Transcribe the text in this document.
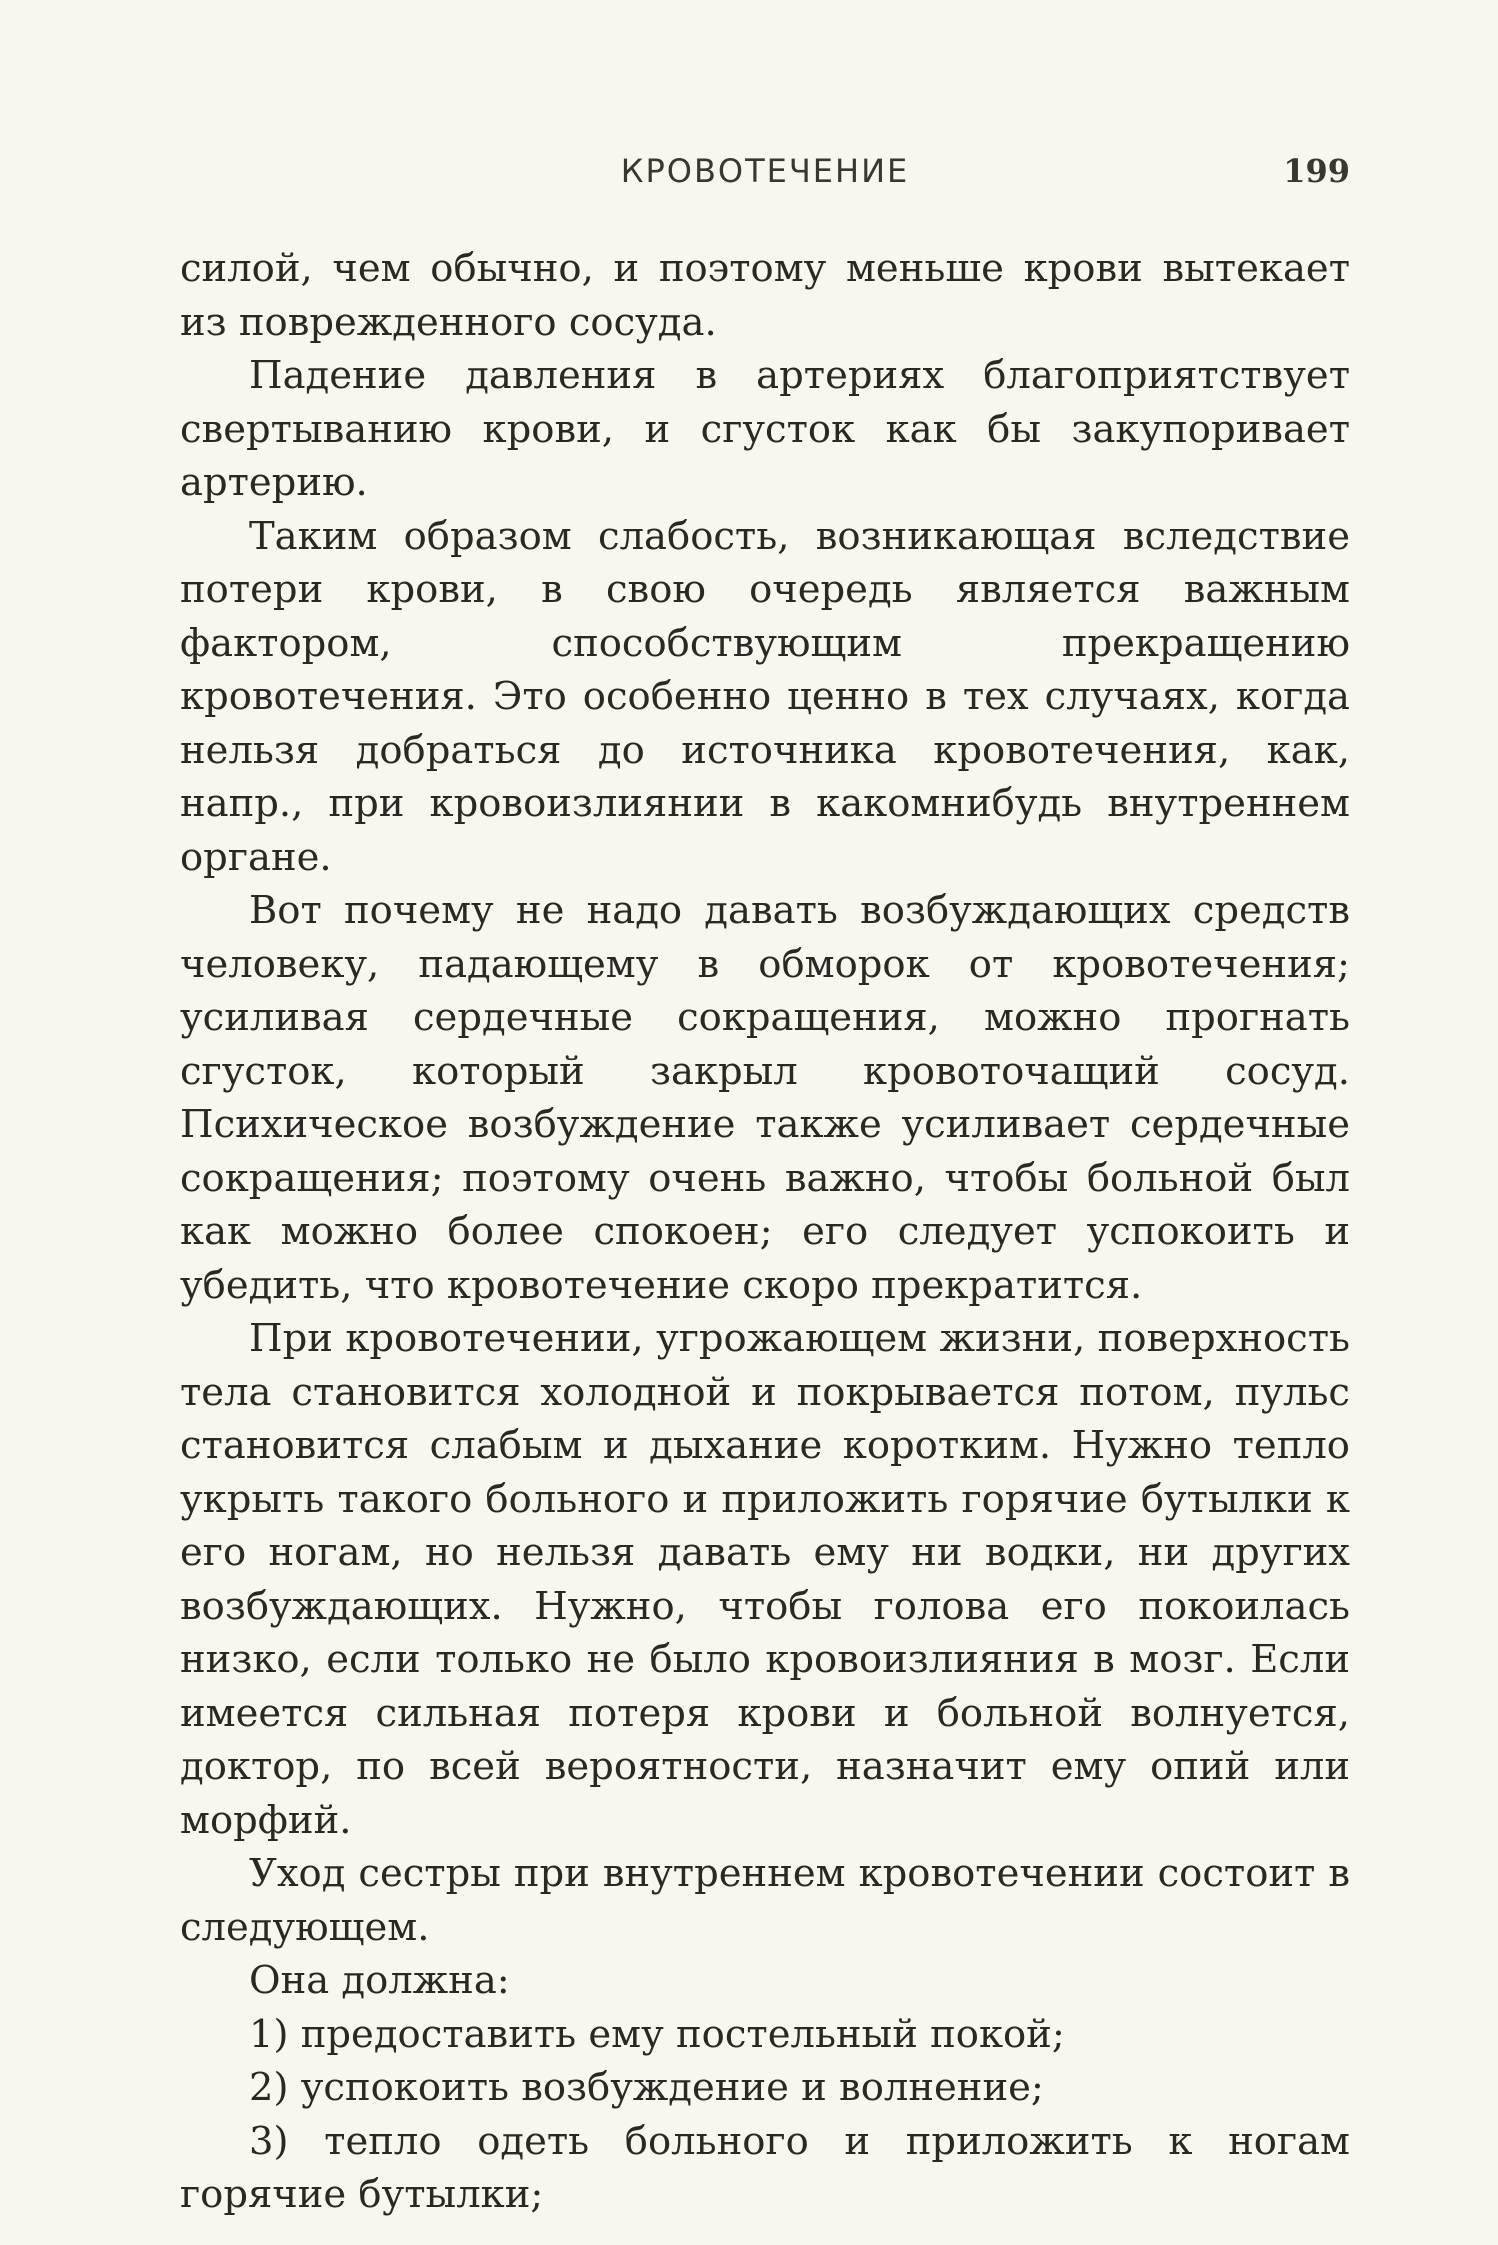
КРОВОТЕЧЕНИЕ	199

силой, чем обычно, и поэтому меньше крови вытекает из поврежденного сосуда.

Падение давления в артериях благоприятствует свертыванию крови, и сгусток как бы закупоривает артерию.

Таким образом слабость, возникающая вследствие потери крови, в свою очередь является важным фактором, способствующим прекращению кровотечения. Это особенно ценно в тех случаях, когда нельзя добраться до источника кровотечения, как, напр., при кровоизлиянии в какомнибудь внутреннем органе.

Вот почему не надо давать возбуждающих средств человеку, падающему в обморок от кровотечения; усиливая сердечные сокращения, можно прогнать сгусток, который закрыл кровоточащий сосуд. Психическое возбуждение также усиливает сердечные сокращения; поэтому очень важно, чтобы больной был как можно более спокоен; его следует успокоить и убедить, что кровотечение скоро прекратится.

При кровотечении, угрожающем жизни, поверхность тела становится холодной и покрывается потом, пульс становится слабым и дыхание коротким. Нужно тепло укрыть такого больного и приложить горячие бутылки к его ногам, но нельзя давать ему ни водки, ни других возбуждающих. Нужно, чтобы голова его покоилась низко, если только не было кровоизлияния в мозг. Если имеется сильная потеря крови и больной волнуется, доктор, по всей вероятности, назначит ему опий или морфий.

Уход сестры при внутреннем кровотечении состоит в следующем.

Она должна:

1) предоставить ему постельный покой;

2) успокоить возбуждение и волнение;

3) тепло одеть больного и приложить к ногам горячие бутылки;
